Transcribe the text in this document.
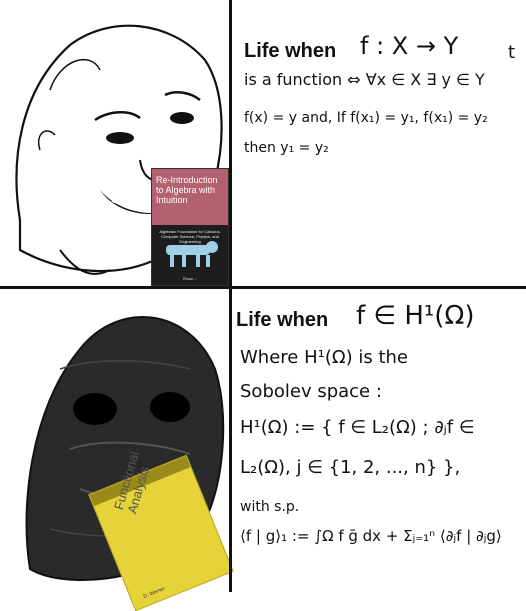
Re-Introduction to Algebra with Intuition
Algebraic Foundation for Calculus, Computer Science, Physics, and Engineering
Ehsan ...
Life when f : X → Y	t
is a function ⇔ ∀x ∈ X ∃ y ∈ Y
f(x) = y and, If f(x₁) = y₁, f(x₁) = y₂
then y₁ = y₂
Life when f ∈ H¹(Ω)
Where H¹(Ω) is the
Sobolev space :
H¹(Ω) := { f ∈ L₂(Ω) ; ∂ⱼf ∈
L₂(Ω), j ∈ {1, 2, ..., n} },
with s.p.
⟨f | g⟩₁ := ∫Ω f ḡ dx + Σⱼ₌₁ⁿ ⟨∂ⱼf | ∂ⱼg⟩
Functional Analysis
D. Werner
